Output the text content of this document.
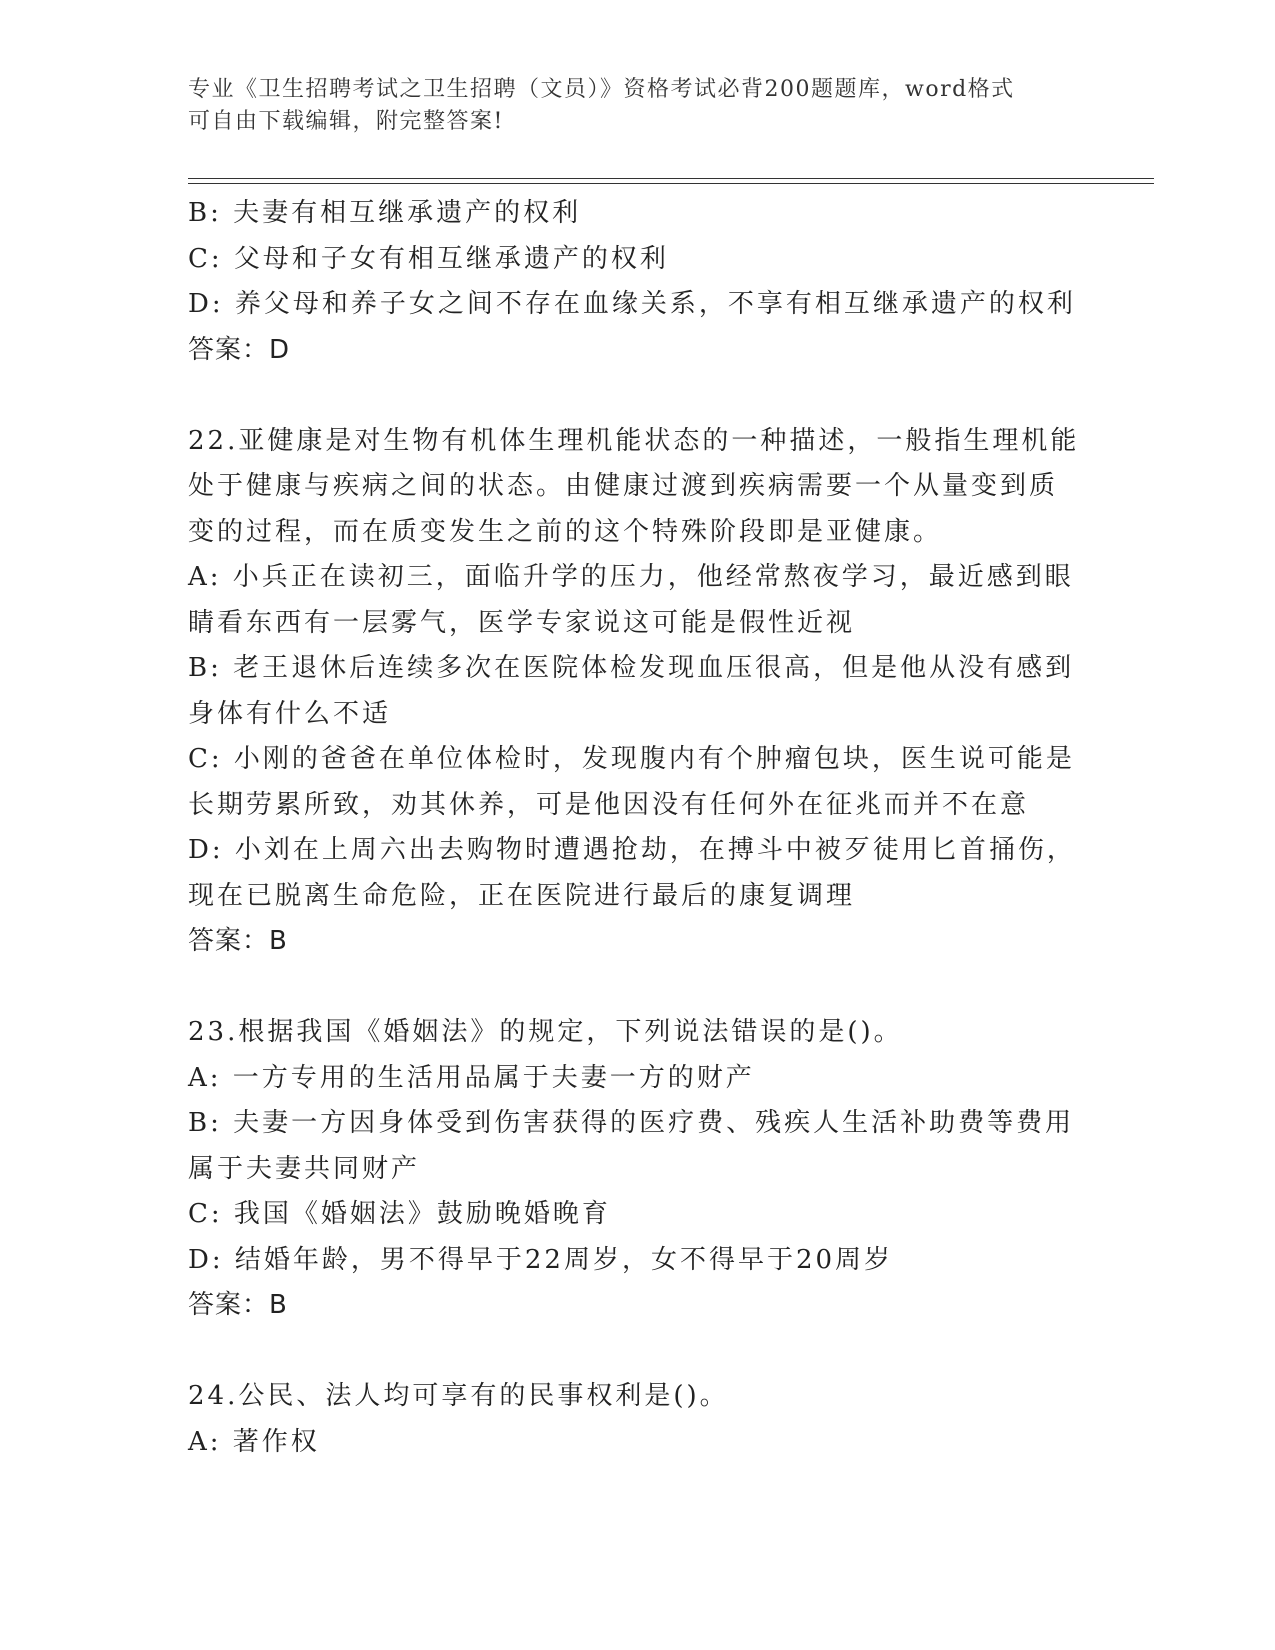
专业《卫生招聘考试之卫生招聘（文员）》资格考试必背200题题库，word格式
可自由下载编辑，附完整答案!
B: 夫妻有相互继承遗产的权利
C: 父母和子女有相互继承遗产的权利
D: 养父母和养子女之间不存在血缘关系，不享有相互继承遗产的权利
答案：D
22.亚健康是对生物有机体生理机能状态的一种描述，一般指生理机能
处于健康与疾病之间的状态。由健康过渡到疾病需要一个从量变到质
变的过程，而在质变发生之前的这个特殊阶段即是亚健康。
A: 小兵正在读初三，面临升学的压力，他经常熬夜学习，最近感到眼
睛看东西有一层雾气，医学专家说这可能是假性近视
B: 老王退休后连续多次在医院体检发现血压很高，但是他从没有感到
身体有什么不适
C: 小刚的爸爸在单位体检时，发现腹内有个肿瘤包块，医生说可能是
长期劳累所致，劝其休养，可是他因没有任何外在征兆而并不在意
D: 小刘在上周六出去购物时遭遇抢劫，在搏斗中被歹徒用匕首捅伤，
现在已脱离生命危险，正在医院进行最后的康复调理
答案：B
23.根据我国《婚姻法》的规定，下列说法错误的是()。
A: 一方专用的生活用品属于夫妻一方的财产
B: 夫妻一方因身体受到伤害获得的医疗费、残疾人生活补助费等费用
属于夫妻共同财产
C: 我国《婚姻法》鼓励晚婚晚育
D: 结婚年龄，男不得早于22周岁，女不得早于20周岁
答案：B
24.公民、法人均可享有的民事权利是()。
A: 著作权
